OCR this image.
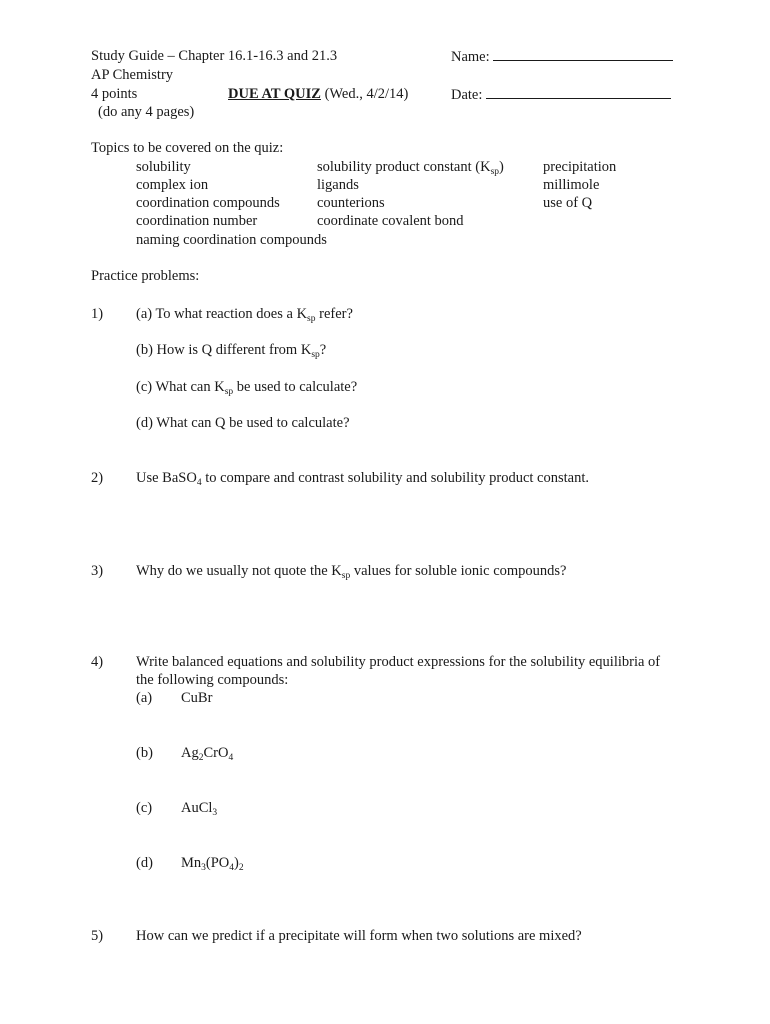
Study Guide – Chapter 16.1-16.3 and 21.3
AP Chemistry
4 points	DUE AT QUIZ (Wed., 4/2/14)
(do any 4 pages)
Name:
Date:
Topics to be covered on the quiz:
solubility
complex ion
coordination compounds
coordination number
naming coordination compounds
solubility product constant $(K_{sp})$
ligands
counterions
coordinate covalent bond
precipitation
millimole
use of Q
Practice problems:
1) (a) To what reaction does a $K_{sp}$ refer?
(b) How is Q different from $K_{sp}$?
(c) What can $K_{sp}$ be used to calculate?
(d) What can Q be used to calculate?
2) Use BaSO$_4$ to compare and contrast solubility and solubility product constant.
3) Why do we usually not quote the $K_{sp}$ values for soluble ionic compounds?
4) Write balanced equations and solubility product expressions for the solubility equilibria of
the following compounds:
(a) CuBr
(b) $Ag_2CrO_4$
(c) AuCl$_3$
(d) $Mn_3(PO_4)_2$
5) How can we predict if a precipitate will form when two solutions are mixed?
